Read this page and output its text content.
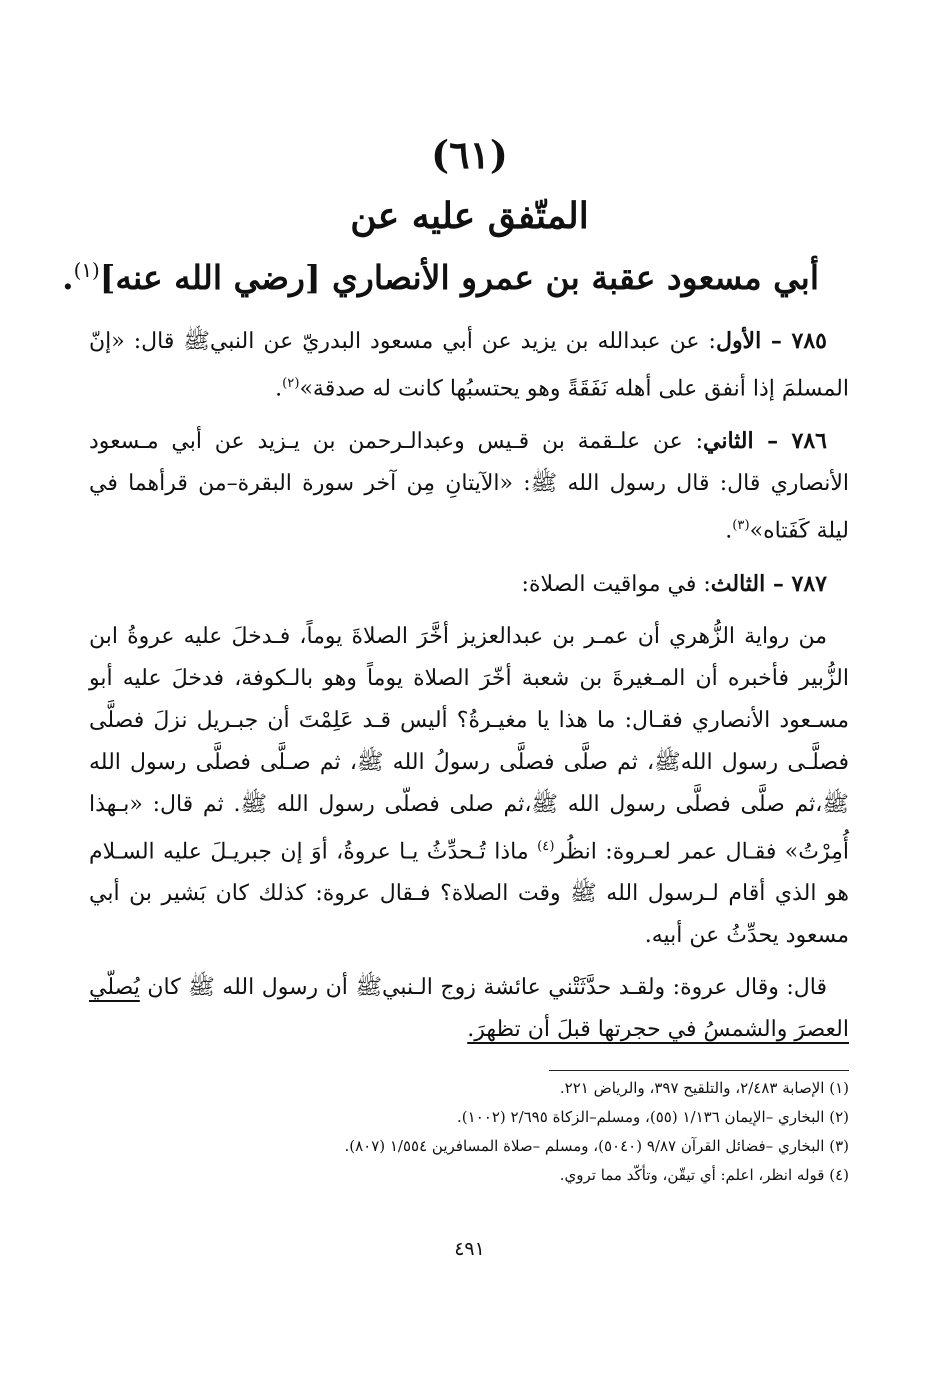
(٦١)
المتّفق عليه عن
أبي مسعود عقبة بن عمرو الأنصاري [رضي الله عنه]$^{(١)}$.

٧٨٥ – الأول: عن عبدالله بن يزيد عن أبي مسعود البدريّ عن النبيﷺ قال: «إنّ المسلمَ إذا أنفق على أهله نَفَقَةً وهو يحتسبُها كانت له صدقة»$^{(٢)}$.

٧٨٦ – الثاني: عن علـقمة بن قـيس وعبدالـرحمن بن يـزيد عن أبي مـسعود الأنصاري قال: قال رسول الله ﷺ: «الآيتانِ مِن آخر سورة البقرة–من قرأهما في ليلة كَفَتاه»$^{(٣)}$.

٧٨٧ – الثالث: في مواقيت الصلاة:

من رواية الزُّهري أن عمـر بن عبدالعزيز أخَّرَ الصلاةَ يوماً، فـدخلَ عليه عروةُ ابن الزُّبير فأخبره أن المـغيرةَ بن شعبة أخّرَ الصلاة يوماً وهو بالـكوفة، فدخلَ عليه أبو مسـعود الأنصاري فقـال: ما هذا يا مغيـرةُ؟ أليس قـد عَلِمْتَ أن جبـريل نزلَ فصلَّى فصلَّـى رسول اللهﷺ، ثم صلَّى فصلَّى رسولُ الله ﷺ، ثم صـلَّى فصلَّى رسول الله ﷺ،ثم صلَّى فصلَّى رسول الله ﷺ،ثم صلى فصلّى رسول الله ﷺ. ثم قال: «بـهذا أُمِرْتُ» فقـال عمر لعـروة: انظُر$^{(٤)}$ ماذا تُـحدِّثُ يـا عروةُ، أوَ إن جبريـلَ عليه السـلام هو الذي أقام لـرسول الله ﷺ وقت الصلاة؟ فـقال عروة: كذلك كان بَشير بن أبي مسعود يحدِّثُ عن أبيه.

قال: وقال عروة: ولقـد حدَّثَتْني عائشة زوج الـنبيﷺ أن رسول الله ﷺ كان يُصلّي العصرَ والشمسُ في حجرتها قبلَ أن تظهرَ.

(١) الإصابة ٢/٤٨٣، والتلقيح ٣٩٧، والرياض ٢٢١.

(٢) البخاري –الإيمان ١/١٣٦ (٥٥)، ومسلم–الزكاة ٢/٦٩٥ (١٠٠٢).

(٣) البخاري –فضائل القرآن ٩/٨٧ (٥٠٤٠)، ومسلم –صلاة المسافرين ١/٥٥٤ (٨٠٧).

(٤) قوله انظر، اعلم: أي تيقّن، وتأكّد مما تروي.

٤٩١
